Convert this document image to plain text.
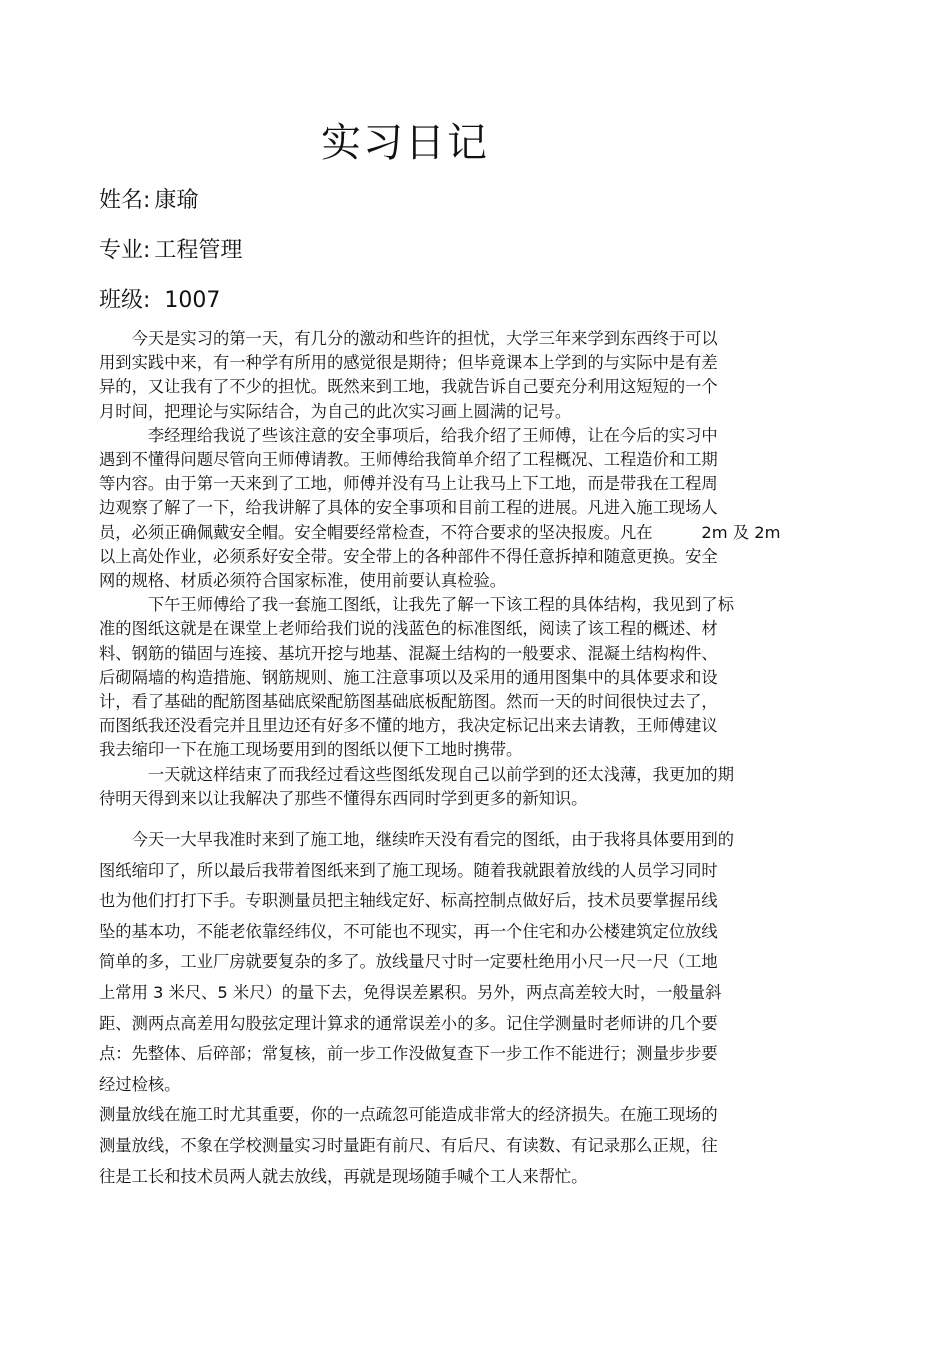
实习日记

姓名: 康瑜

专业: 工程管理

班级: 1007

　　今天是实习的第一天，有几分的激动和些许的担忧，大学三年来学到东西终于可以
用到实践中来，有一种学有所用的感觉很是期待；但毕竟课本上学到的与实际中是有差
异的，又让我有了不少的担忧。既然来到工地，我就告诉自己要充分利用这短短的一个
月时间，把理论与实际结合，为自己的此次实习画上圆满的记号。
　　　李经理给我说了些该注意的安全事项后，给我介绍了王师傅，让在今后的实习中
遇到不懂得问题尽管向王师傅请教。王师傅给我简单介绍了工程概况、工程造价和工期
等内容。由于第一天来到了工地，师傅并没有马上让我马上下工地，而是带我在工程周
边观察了解了一下，给我讲解了具体的安全事项和目前工程的进展。凡进入施工现场人
员，必须正确佩戴安全帽。安全帽要经常检查，不符合要求的坚决报废。凡在　　　2m 及 2m
以上高处作业，必须系好安全带。安全带上的各种部件不得任意拆掉和随意更换。安全
网的规格、材质必须符合国家标准，使用前要认真检验。
　　　下午王师傅给了我一套施工图纸，让我先了解一下该工程的具体结构，我见到了标
准的图纸这就是在课堂上老师给我们说的浅蓝色的标准图纸，阅读了该工程的概述、材
料、钢筋的锚固与连接、基坑开挖与地基、混凝土结构的一般要求、混凝土结构构件、
后砌隔墙的构造措施、钢筋规则、施工注意事项以及采用的通用图集中的具体要求和设
计，看了基础的配筋图基础底梁配筋图基础底板配筋图。然而一天的时间很快过去了，
而图纸我还没看完并且里边还有好多不懂的地方，我决定标记出来去请教，王师傅建议
我去缩印一下在施工现场要用到的图纸以便下工地时携带。
　　　一天就这样结束了而我经过看这些图纸发现自己以前学到的还太浅薄，我更加的期
待明天得到来以让我解决了那些不懂得东西同时学到更多的新知识。
　　今天一大早我准时来到了施工地，继续昨天没有看完的图纸，由于我将具体要用到的
图纸缩印了，所以最后我带着图纸来到了施工现场。随着我就跟着放线的人员学习同时
也为他们打打下手。专职测量员把主轴线定好、标高控制点做好后，技术员要掌握吊线
坠的基本功，不能老依靠经纬仪，不可能也不现实，再一个住宅和办公楼建筑定位放线
简单的多，工业厂房就要复杂的多了。放线量尺寸时一定要杜绝用小尺一尺一尺（工地
上常用 3 米尺、5 米尺）的量下去，免得误差累积。另外，两点高差较大时，一般量斜
距、测两点高差用勾股弦定理计算求的通常误差小的多。记住学测量时老师讲的几个要
点：先整体、后碎部；常复核，前一步工作没做复查下一步工作不能进行；测量步步要
经过检核。
测量放线在施工时尤其重要，你的一点疏忽可能造成非常大的经济损失。在施工现场的
测量放线，不象在学校测量实习时量距有前尺、有后尺、有读数、有记录那么正规，往
往是工长和技术员两人就去放线，再就是现场随手喊个工人来帮忙。
